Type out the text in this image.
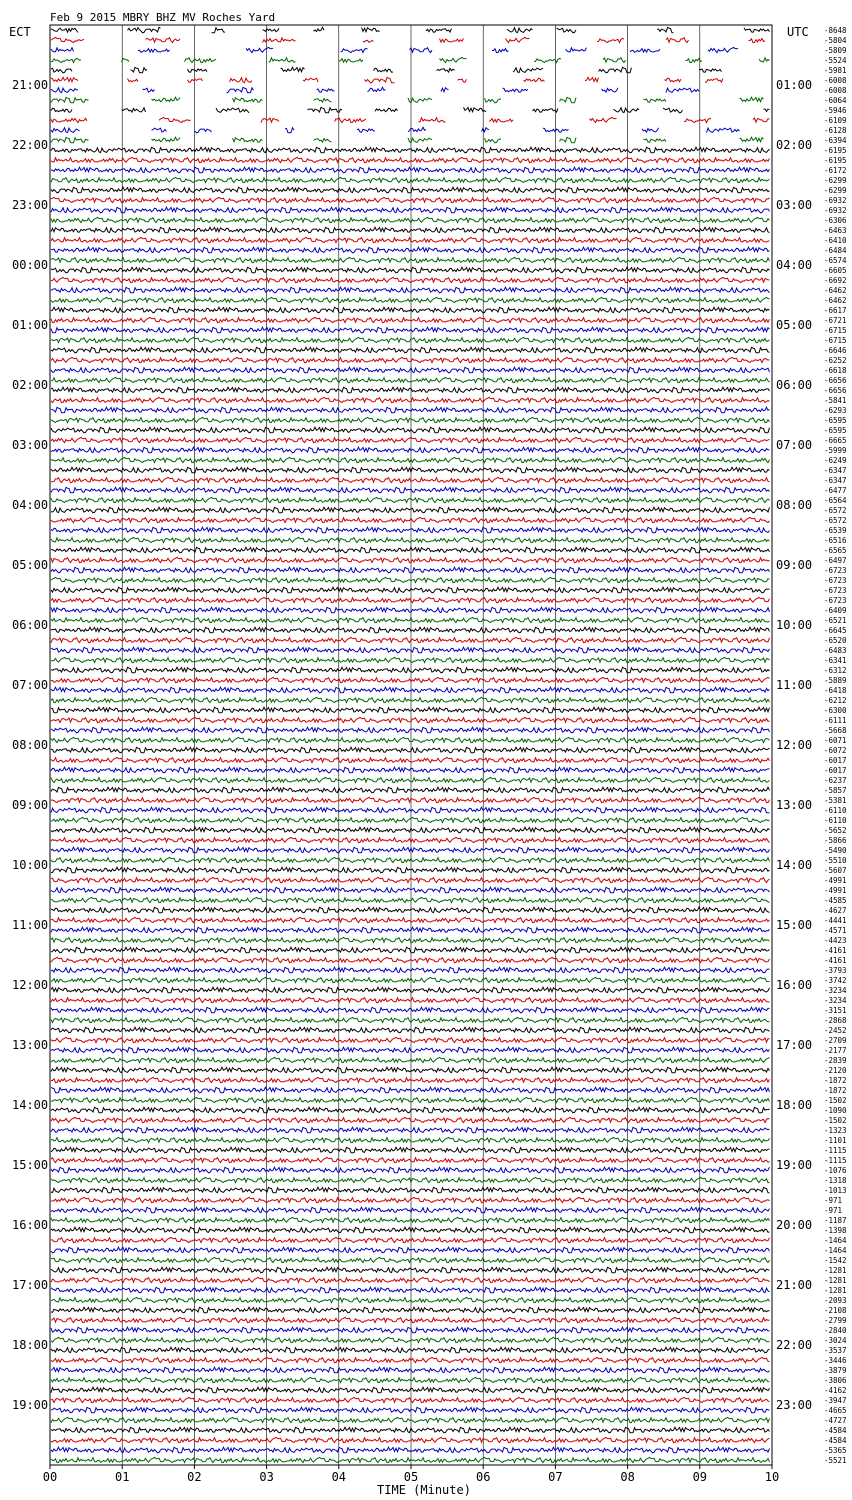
Feb 9 2015 MBRY BHZ MV Roches Yard
ECT	UTC
21:00
22:00
23:00
00:00
01:00
02:00
03:00
04:00
05:00
06:00
07:00
08:00
09:00
10:00
11:00
12:00
13:00
14:00
15:00
16:00
17:00
18:00
19:00
01:00
02:00
03:00
04:00
05:00
06:00
07:00
08:00
09:00
10:00
11:00
12:00
13:00
14:00
15:00
16:00
17:00
18:00
19:00
20:00
21:00
22:00
23:00
-8648
-5804
-5809
-5524
-5981
-6008
-6008
-6064
-5946
-6109
-6128
-6394
-6195
-6195
-6172
-6299
-6299
-6932
-6932
-6306
-6463
-6410
-6484
-6574
-6605
-6692
-6462
-6462
-6617
-6721
-6715
-6715
-6646
-6252
-6618
-6656
-6656
-5841
-6293
-6595
-6595
-6665
-5999
-6249
-6347
-6347
-6477
-6564
-6572
-6572
-6539
-6516
-6565
-6497
-6723
-6723
-6723
-6723
-6409
-6521
-6645
-6520
-6483
-6341
-6312
-5889
-6418
-6212
-6300
-6111
-5668
-6071
-6072
-6017
-6017
-6237
-5857
-5381
-6110
-6110
-5652
-5866
-5490
-5510
-5607
-4991
-4991
-4585
-4627
-4441
-4571
-4423
-4161
-4161
-3793
-3742
-3234
-3234
-3151
-2868
-2452
-2709
-2177
-2839
-2120
-1872
-1872
-1502
-1090
-1502
-1323
-1101
-1115
-1115
-1076
-1318
-1013
-971
-971
-1187
-1398
-1464
-1464
-1542
-1281
-1281
-1281
-2093
-2108
-2799
-2840
-3024
-3537
-3446
-3879
-3806
-4162
-3947
-4665
-4727
-4584
-4584
-5365
-5521
00	01	02	03	04	05	06	07	08	09	10
TIME (Minute)
